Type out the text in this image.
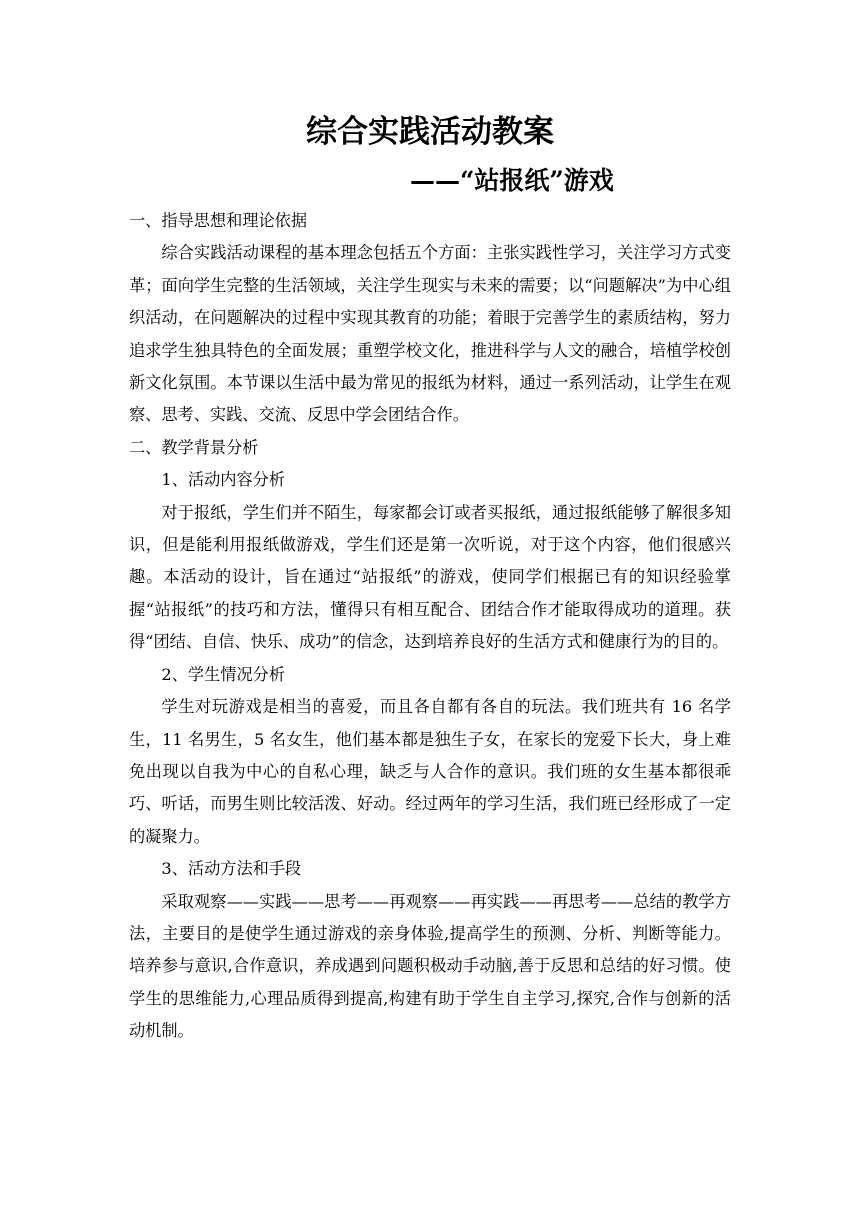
综合实践活动教案
——“站报纸”游戏

一、指导思想和理论依据

综合实践活动课程的基本理念包括五个方面：主张实践性学习，关注学习方式变革；面向学生完整的生活领域，关注学生现实与未来的需要；以“问题解决”为中心组织活动，在问题解决的过程中实现其教育的功能；着眼于完善学生的素质结构，努力追求学生独具特色的全面发展；重塑学校文化，推进科学与人文的融合，培植学校创新文化氛围。本节课以生活中最为常见的报纸为材料，通过一系列活动，让学生在观察、思考、实践、交流、反思中学会团结合作。

二、教学背景分析

1、活动内容分析

对于报纸，学生们并不陌生，每家都会订或者买报纸，通过报纸能够了解很多知识，但是能利用报纸做游戏，学生们还是第一次听说，对于这个内容，他们很感兴趣。本活动的设计，旨在通过“站报纸”的游戏，使同学们根据已有的知识经验掌握“站报纸”的技巧和方法，懂得只有相互配合、团结合作才能取得成功的道理。获得“团结、自信、快乐、成功”的信念，达到培养良好的生活方式和健康行为的目的。

2、学生情况分析

学生对玩游戏是相当的喜爱，而且各自都有各自的玩法。我们班共有 16 名学生，11 名男生，5 名女生，他们基本都是独生子女，在家长的宠爱下长大，身上难免出现以自我为中心的自私心理，缺乏与人合作的意识。我们班的女生基本都很乖巧、听话，而男生则比较活泼、好动。经过两年的学习生活，我们班已经形成了一定的凝聚力。

3、活动方法和手段

采取观察——实践——思考——再观察——再实践——再思考——总结的教学方法，主要目的是使学生通过游戏的亲身体验,提高学生的预测、分析、判断等能力。培养参与意识,合作意识，养成遇到问题积极动手动脑,善于反思和总结的好习惯。使学生的思维能力,心理品质得到提高,构建有助于学生自主学习,探究,合作与创新的活动机制。
